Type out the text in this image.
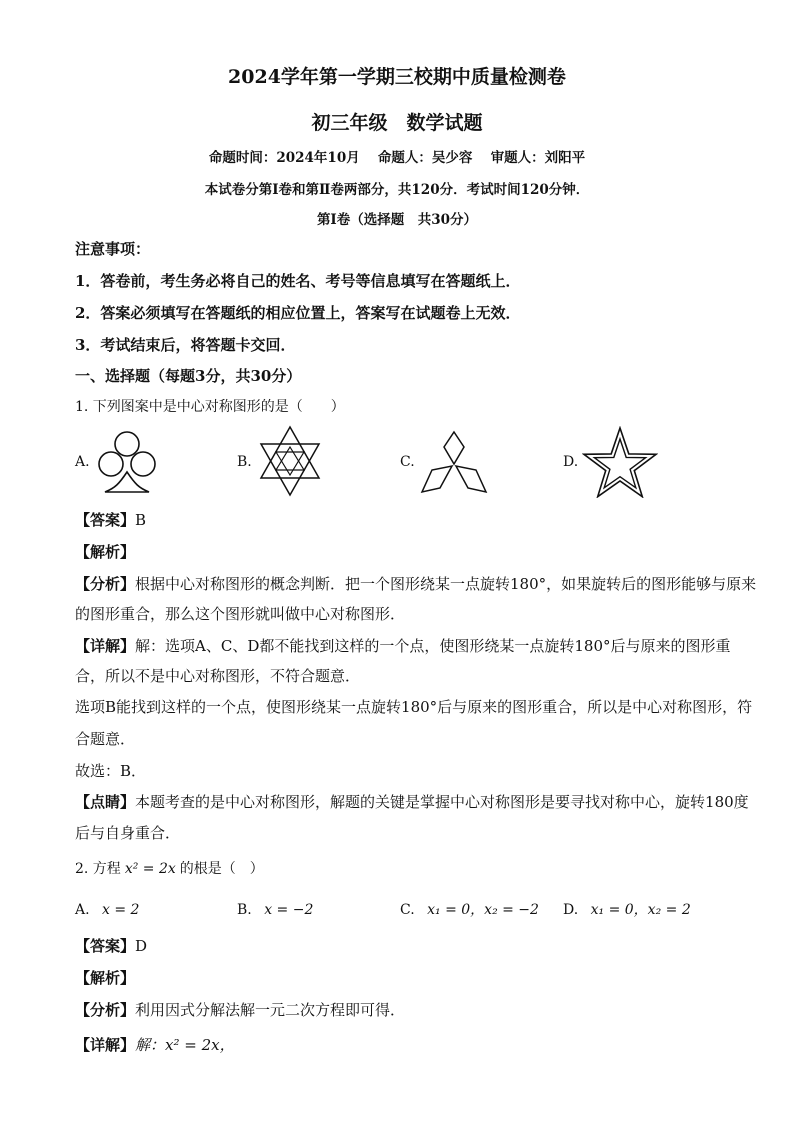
2024学年第一学期三校期中质量检测卷
初三年级　数学试题
命题时间：2024年10月　 命题人：吴少容　 审题人：刘阳平
本试卷分第Ⅰ卷和第Ⅱ卷两部分，共120分．考试时间120分钟．
第Ⅰ卷（选择题　共30分）
注意事项：
1．答卷前，考生务必将自己的姓名、考号等信息填写在答题纸上．
2．答案必须填写在答题纸的相应位置上，答案写在试题卷上无效．
3．考试结束后，将答题卡交回．
一、选择题（每题3分，共30分）
1. 下列图案中是中心对称图形的是（　　）
A.	B.	C.	D.
【答案】B
【解析】
【分析】根据中心对称图形的概念判断．把一个图形绕某一点旋转180°，如果旋转后的图形能够与原来
的图形重合，那么这个图形就叫做中心对称图形．
【详解】解：选项A、C、D都不能找到这样的一个点，使图形绕某一点旋转180°后与原来的图形重
合，所以不是中心对称图形，不符合题意．
选项B能找到这样的一个点，使图形绕某一点旋转180°后与原来的图形重合，所以是中心对称图形，符
合题意．
故选：B．
【点睛】本题考查的是中心对称图形，解题的关键是掌握中心对称图形是要寻找对称中心，旋转180度
后与自身重合．
2. 方程 x² = 2x 的根是（　）
A. x = 2	B. x = −2	C. x₁ = 0，x₂ = −2 D. x₁ = 0，x₂ = 2
【答案】D
【解析】
【分析】利用因式分解法解一元二次方程即可得．
【详解】解：x² = 2x，
